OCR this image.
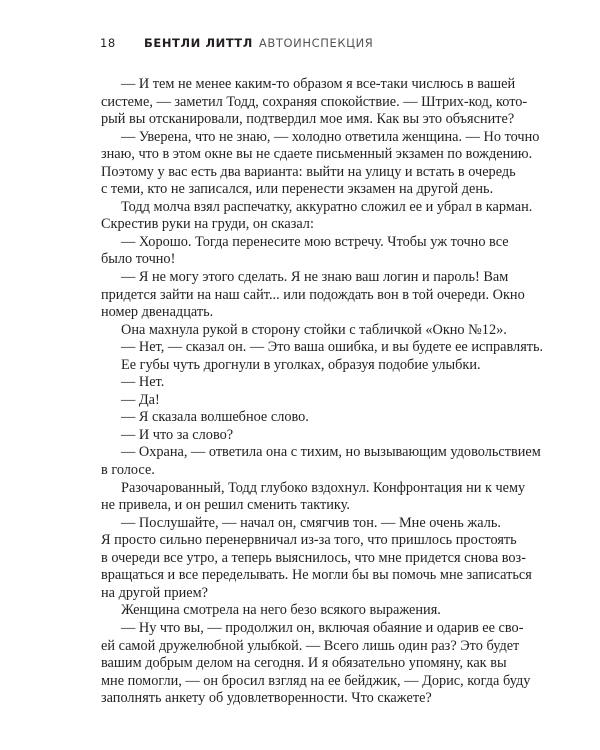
18 БЕНТЛИ ЛИТТЛ АВТОИНСПЕКЦИЯ
— И тем не менее каким-то образом я все-таки числюсь в вашей
системе, — заметил Тодд, сохраняя спокойствие. — Штрих-код, кото-
рый вы отсканировали, подтвердил мое имя. Как вы это объясните?
— Уверена, что не знаю, — холодно ответила женщина. — Но точно
знаю, что в этом окне вы не сдаете письменный экзамен по вождению.
Поэтому у вас есть два варианта: выйти на улицу и встать в очередь
с теми, кто не записался, или перенести экзамен на другой день.
Тодд молча взял распечатку, аккуратно сложил ее и убрал в карман.
Скрестив руки на груди, он сказал:
— Хорошо. Тогда перенесите мою встречу. Чтобы уж точно все
было точно!
— Я не могу этого сделать. Я не знаю ваш логин и пароль! Вам
придется зайти на наш сайт... или подождать вон в той очереди. Окно
номер двенадцать.
Она махнула рукой в сторону стойки с табличкой «Окно №12».
— Нет, — сказал он. — Это ваша ошибка, и вы будете ее исправлять.
Ее губы чуть дрогнули в уголках, образуя подобие улыбки.
— Нет.
— Да!
— Я сказала волшебное слово.
— И что за слово?
— Охрана, — ответила она с тихим, но вызывающим удовольствием
в голосе.
Разочарованный, Тодд глубоко вздохнул. Конфронтация ни к чему
не привела, и он решил сменить тактику.
— Послушайте, — начал он, смягчив тон. — Мне очень жаль.
Я просто сильно перенервничал из-за того, что пришлось простоять
в очереди все утро, а теперь выяснилось, что мне придется снова воз-
вращаться и все переделывать. Не могли бы вы помочь мне записаться
на другой прием?
Женщина смотрела на него безо всякого выражения.
— Ну что вы, — продолжил он, включая обаяние и одарив ее сво-
ей самой дружелюбной улыбкой. — Всего лишь один раз? Это будет
вашим добрым делом на сегодня. И я обязательно упомяну, как вы
мне помогли, — он бросил взгляд на ее бейджик, — Дорис, когда буду
заполнять анкету об удовлетворенности. Что скажете?
